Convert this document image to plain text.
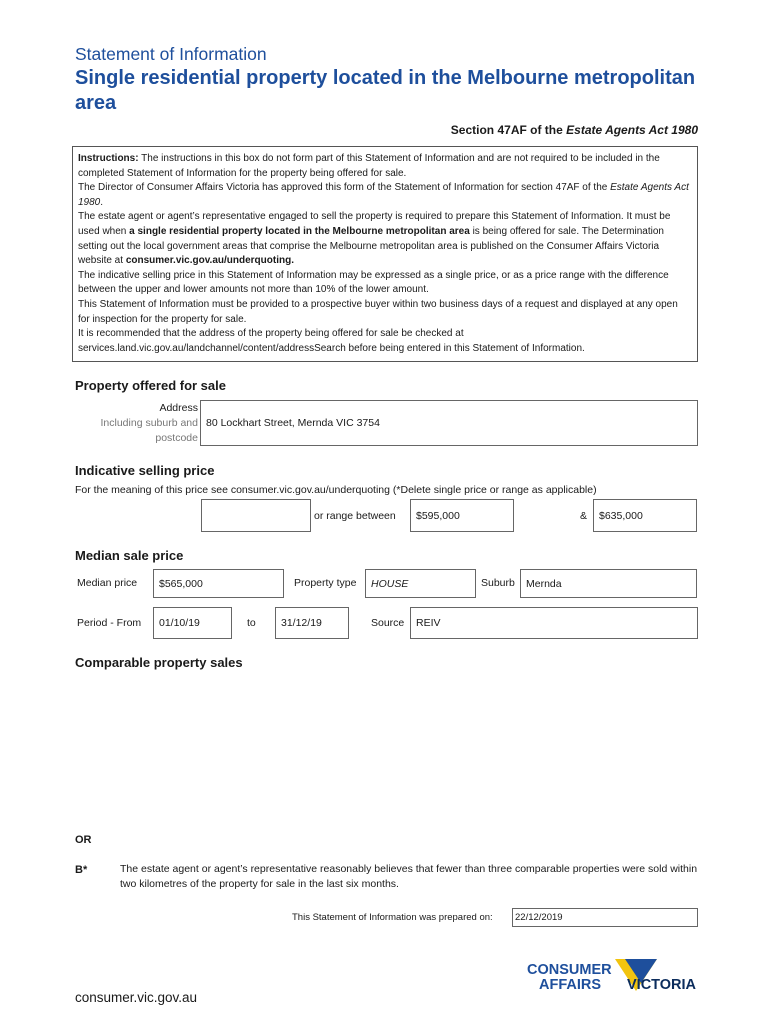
Statement of Information
Single residential property located in the Melbourne metropolitan area
Section 47AF of the Estate Agents Act 1980

Instructions: The instructions in this box do not form part of this Statement of Information and are not required to be included in the completed Statement of Information for the property being offered for sale.

The Director of Consumer Affairs Victoria has approved this form of the Statement of Information for section 47AF of the Estate Agents Act 1980.

The estate agent or agent’s representative engaged to sell the property is required to prepare this Statement of Information. It must be used when a single residential property located in the Melbourne metropolitan area is being offered for sale. The Determination setting out the local government areas that comprise the Melbourne metropolitan area is published on the Consumer Affairs Victoria website at consumer.vic.gov.au/underquoting.

The indicative selling price in this Statement of Information may be expressed as a single price, or as a price range with the difference between the upper and lower amounts not more than 10% of the lower amount.

This Statement of Information must be provided to a prospective buyer within two business days of a request and displayed at any open for inspection for the property for sale.

It is recommended that the address of the property being offered for sale be checked at services.land.vic.gov.au/landchannel/content/addressSearch before being entered in this Statement of Information.

Property offered for sale
Address
Including suburb and
postcode
80 Lockhart Street, Mernda VIC 3754
Indicative selling price
For the meaning of this price see consumer.vic.gov.au/underquoting (*Delete single price or range as applicable)
or range between $595,000	& $635,000
Median sale price
Median price $565,000	Property type HOUSE	Suburb Mernda
Period - From 01/10/19	to 31/12/19	Source REIV
Comparable property sales
OR
B*	The estate agent or agent’s representative reasonably believes that fewer than three comparable properties were sold within two kilometres of the property for sale in the last six months.
This Statement of Information was prepared on: 22/12/2019
consumer.vic.gov.au
CONSUMER
AFFAIRS VICTORIA
